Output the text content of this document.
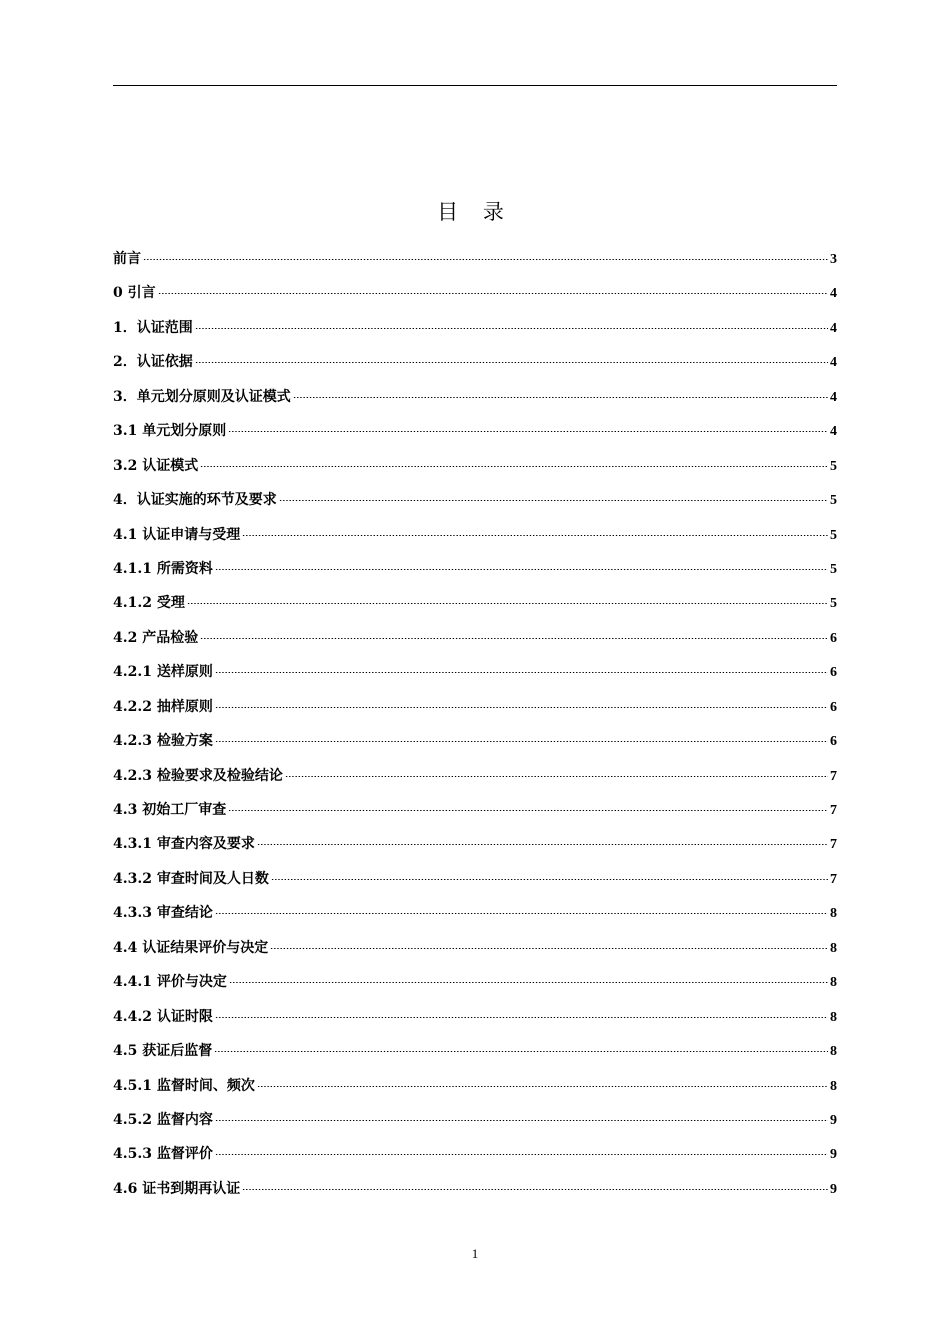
目 录
前言	3
0 引言	4
1．认证范围	4
2．认证依据	4
3．单元划分原则及认证模式	4
3.1 单元划分原则	4
3.2 认证模式	5
4．认证实施的环节及要求	5
4.1 认证申请与受理	5
4.1.1 所需资料	5
4.1.2 受理	5
4.2 产品检验	6
4.2.1 送样原则	6
4.2.2 抽样原则	6
4.2.3 检验方案	6
4.2.3 检验要求及检验结论	7
4.3 初始工厂审查	7
4.3.1 审查内容及要求	7
4.3.2 审查时间及人日数	7
4.3.3 审查结论	8
4.4 认证结果评价与决定	8
4.4.1 评价与决定	8
4.4.2 认证时限	8
4.5 获证后监督	8
4.5.1 监督时间、频次	8
4.5.2 监督内容	9
4.5.3 监督评价	9
4.6 证书到期再认证	9
1
